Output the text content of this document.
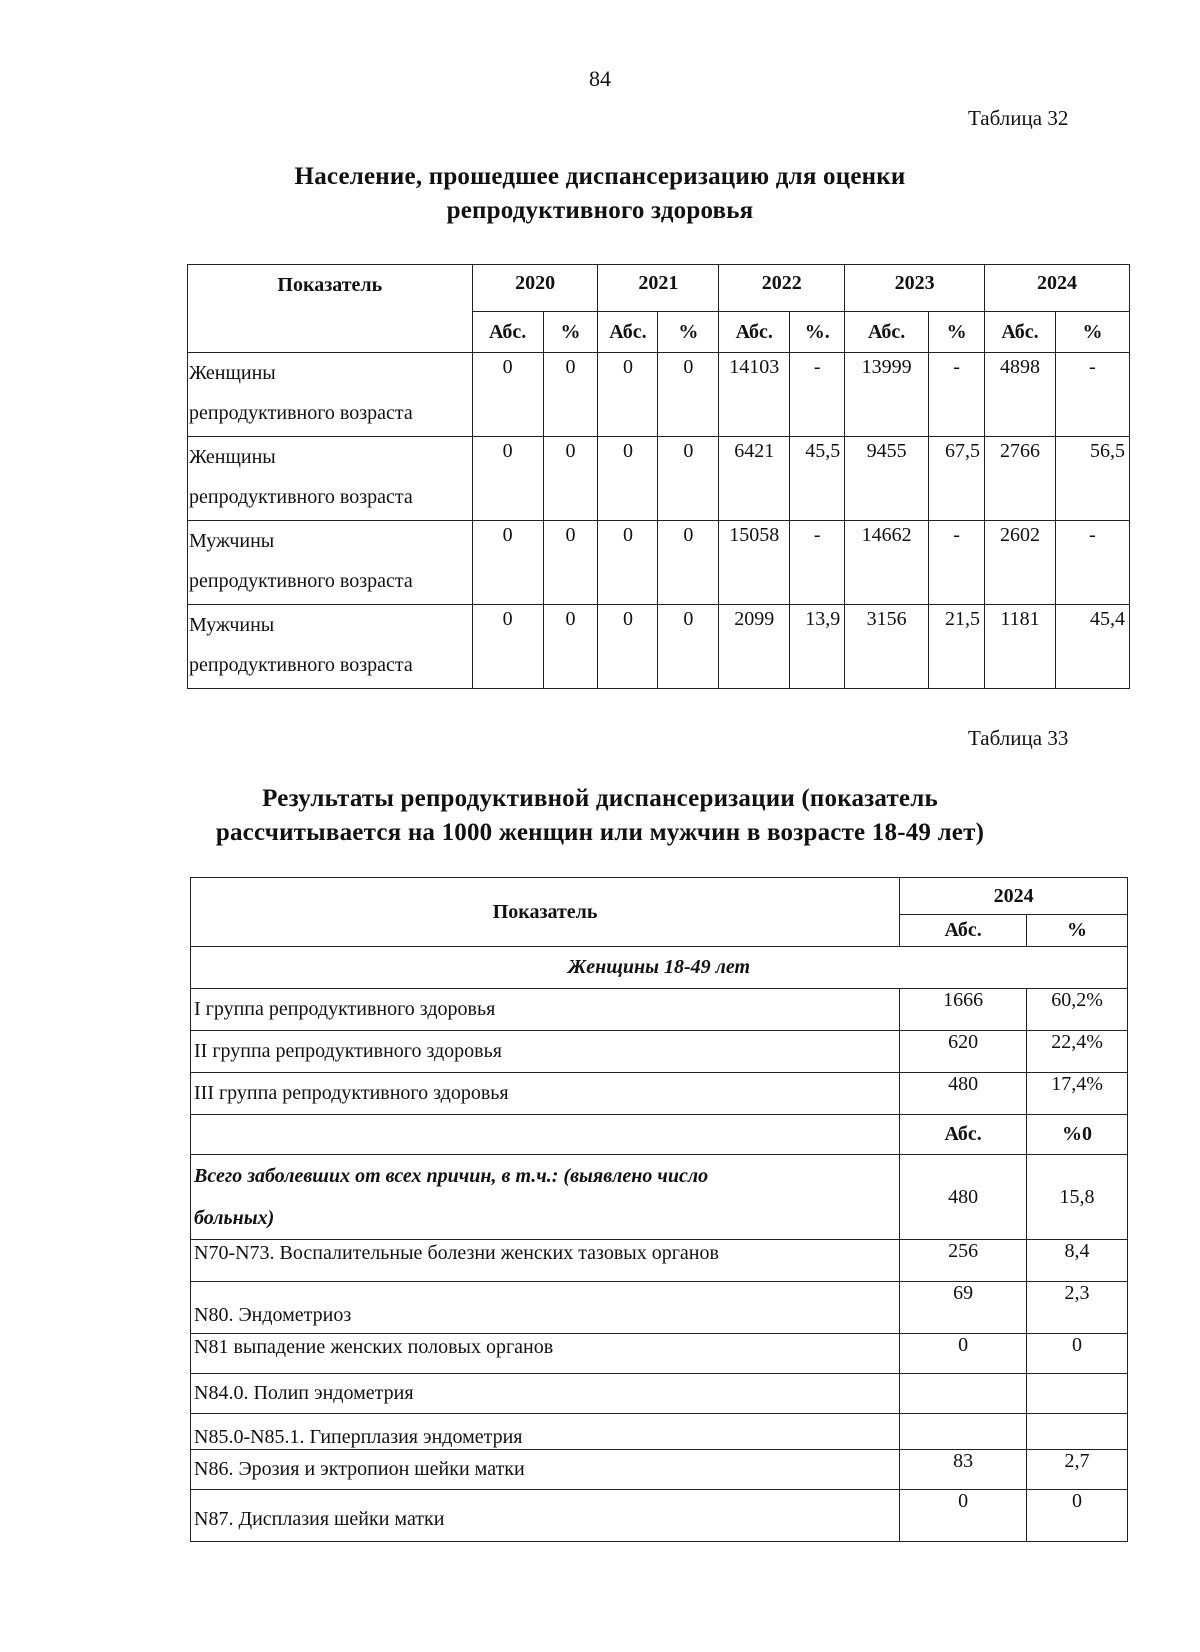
84
Таблица 32
Население, прошедшее диспансеризацию для оценки
репродуктивного здоровья
Показатель	2020		2021		2022		2023		2024	
	Абс.	%	Абс.	%	Абс.	%.	Абс.	%	Абс.	%

Женщины
репродуктивного возраста	0	0	0	0	14103	-	13999	-	4898	-

Женщины
репродуктивного возраста	0	0	0	0	6421	45,5	9455	67,5	2766	56,5

Мужчины
репродуктивного возраста	0	0	0	0	15058	-	14662	-	2602	-

Мужчины
репродуктивного возраста	0	0	0	0	2099	13,9	3156	21,5	1181	45,4
Таблица 33
Результаты репродуктивной диспансеризации (показатель
рассчитывается на 1000 женщин или мужчин в возрасте 18-49 лет)
Показатель	2024	
	Абс.	%
Женщины 18-49 лет		
I группа репродуктивного здоровья	1666	60,2%
II группа репродуктивного здоровья	620	22,4%
III группа репродуктивного здоровья	480	17,4%
	Абс.	%0

Всего заболевших от всех причин, в т.ч.: (выявлено число
больных)	480	15,8
N70-N73. Воспалительные болезни женских тазовых органов	256	8,4
N80. Эндометриоз	69	2,3
N81 выпадение женских половых органов	0	0
N84.0. Полип эндометрия		
N85.0-N85.1. Гиперплазия эндометрия		
N86. Эрозия и эктропион шейки матки	83	2,7
N87. Дисплазия шейки матки	0	0
